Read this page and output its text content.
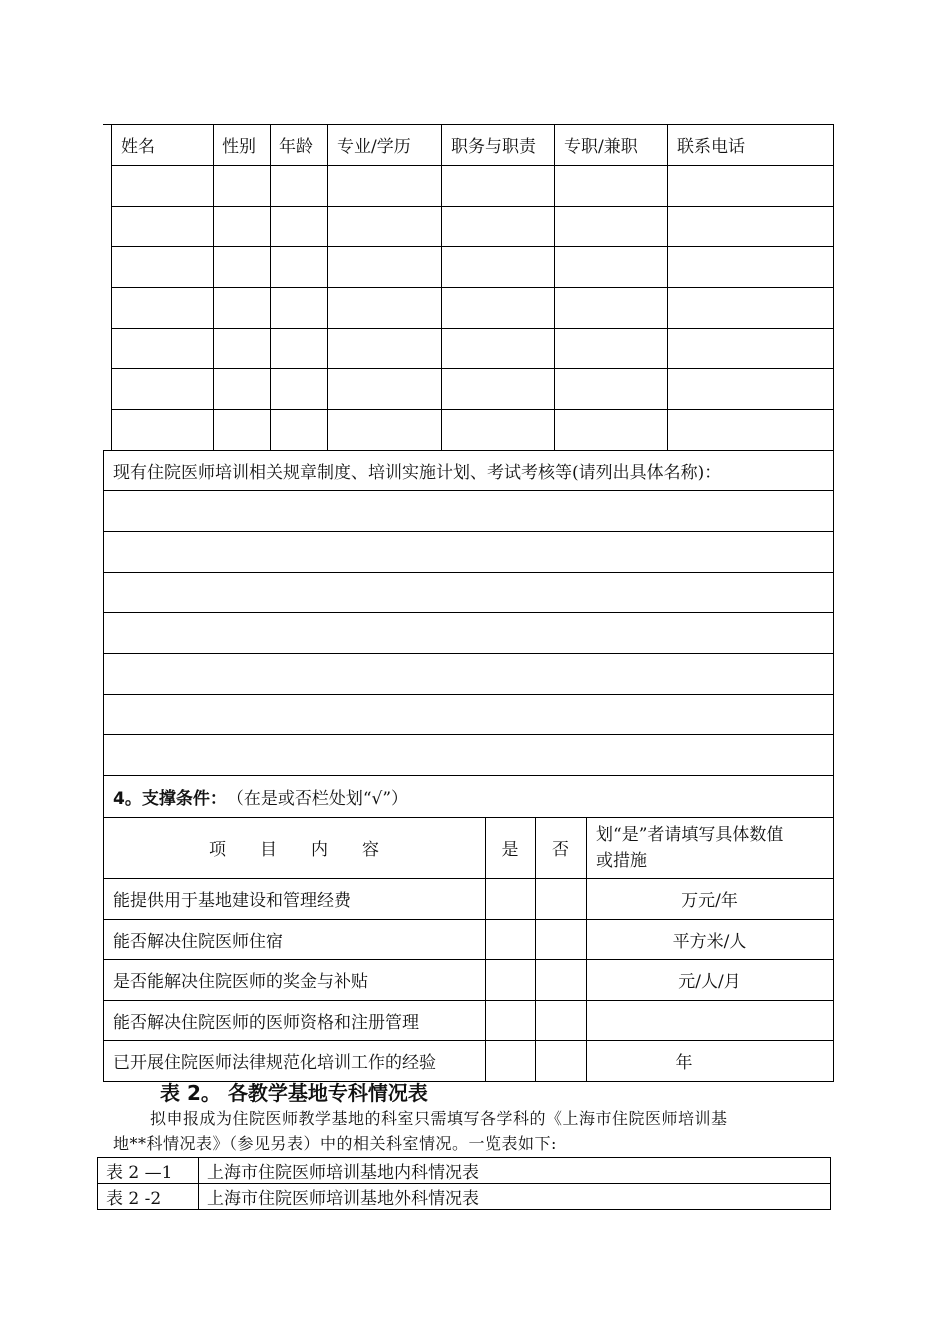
姓名	性别 年龄 专业/学历 职务与职责 专职/兼职 联系电话
现有住院医师培训相关规章制度、培训实施计划、考试考核等(请列出具体名称)：
4。支撑条件： （在是或否栏处划“√”）
项　　目　　内　　容	是	否
划“是”者请填写具体数值
或措施
能提供用于基地建设和管理经费	万元/年
能否解决住院医师住宿	平方米/人
是否能解决住院医师的奖金与补贴	元/人/月
能否解决住院医师的医师资格和注册管理
已开展住院医师法律规范化培训工作的经验	年
表 2。 各教学基地专科情况表
拟申报成为住院医师教学基地的科室只需填写各学科的《上海市住院医师培训基
地**科情况表》（参见另表）中的相关科室情况。一览表如下:
表 2 —1 上海市住院医师培训基地内科情况表
表 2 -2	上海市住院医师培训基地外科情况表
